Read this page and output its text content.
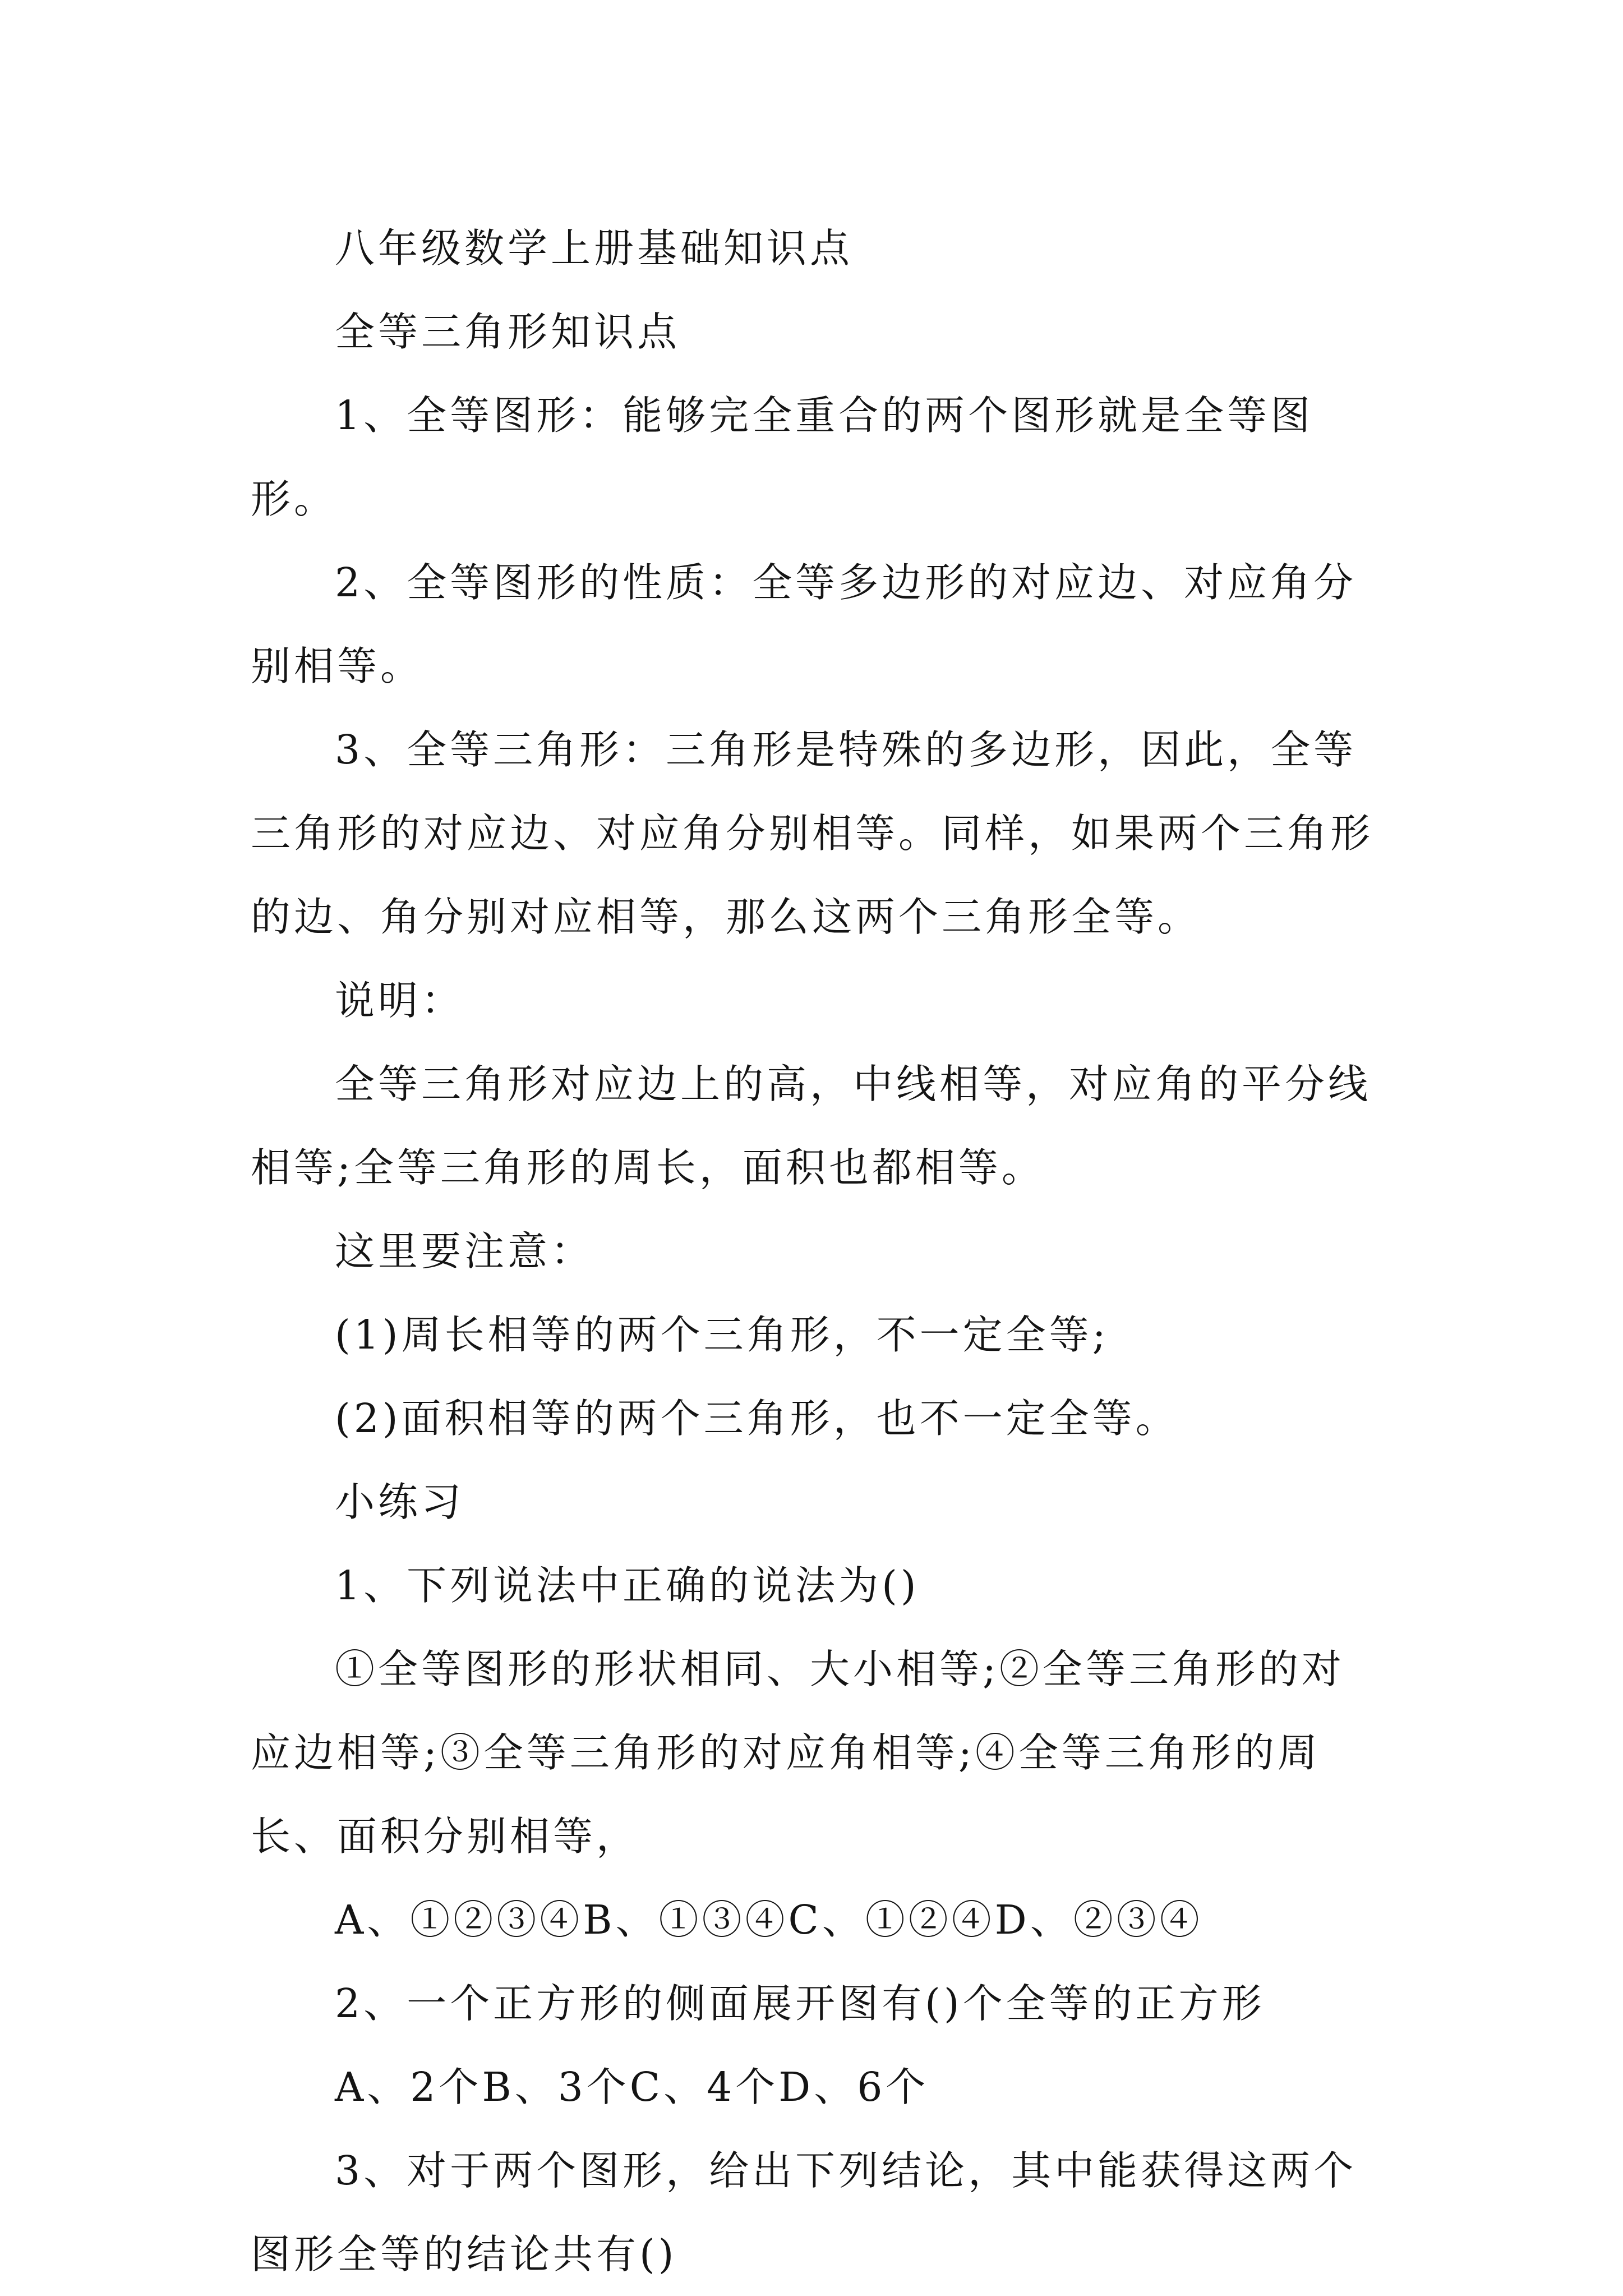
八年级数学上册基础知识点

全等三角形知识点

1、全等图形：能够完全重合的两个图形就是全等图形。

2、全等图形的性质：全等多边形的对应边、对应角分别相等。

3、全等三角形：三角形是特殊的多边形，因此，全等三角形的对应边、对应角分别相等。同样，如果两个三角形的边、角分别对应相等，那么这两个三角形全等。

说明：

全等三角形对应边上的高，中线相等，对应角的平分线相等;全等三角形的周长，面积也都相等。

这里要注意：

(1)周长相等的两个三角形，不一定全等;

(2)面积相等的两个三角形，也不一定全等。

小练习

1、下列说法中正确的说法为()

①全等图形的形状相同、大小相等;②全等三角形的对应边相等;③全等三角形的对应角相等;④全等三角形的周长、面积分别相等，

A、①②③④B、①③④C、①②④D、②③④

2、一个正方形的侧面展开图有()个全等的正方形

A、2个B、3个C、4个D、6个

3、对于两个图形，给出下列结论，其中能获得这两个图形全等的结论共有()
